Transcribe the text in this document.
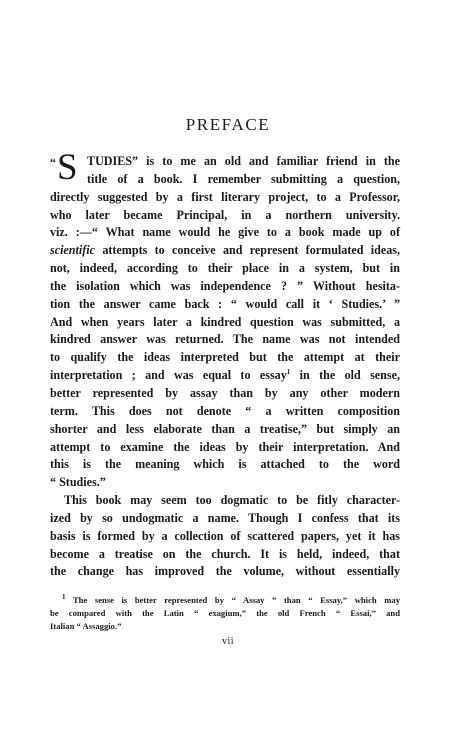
PREFACE
“ S TUDIES” is to me an old and familiar friend in the
title of a book. I remember submitting a question,
directly suggested by a first literary project, to a Professor,
who later became Principal, in a northern university.
viz. :—“ What name would he give to a book made up of
scientific attempts to conceive and represent formulated ideas,
not, indeed, according to their place in a system, but in
the isolation which was independence ? ” Without hesita-
tion the answer came back : “ would call it ‘ Studies.’ ”
And when years later a kindred question was submitted, a
kindred answer was returned. The name was not intended
to qualify the ideas interpreted but the attempt at their
interpretation ; and was equal to essay$^1$ in the old sense,
better represented by assay than by any other modern
term. This does not denote “ a written composition
shorter and less elaborate than a treatise,” but simply an
attempt to examine the ideas by their interpretation. And
this is the meaning which is attached to the word
“ Studies.”
This book may seem too dogmatic to be fitly character-
ized by so undogmatic a name. Though I confess that its
basis is formed by a collection of scattered papers, yet it has
become a treatise on the church. It is held, indeed, that
the change has improved the volume, without essentially
$^1$ The sense is better represented by “ Assay ” than “ Essay,” which may
be compared with the Latin “ exagium,” the old French “ Essai,” and
Italian “ Assaggio.”
vii
